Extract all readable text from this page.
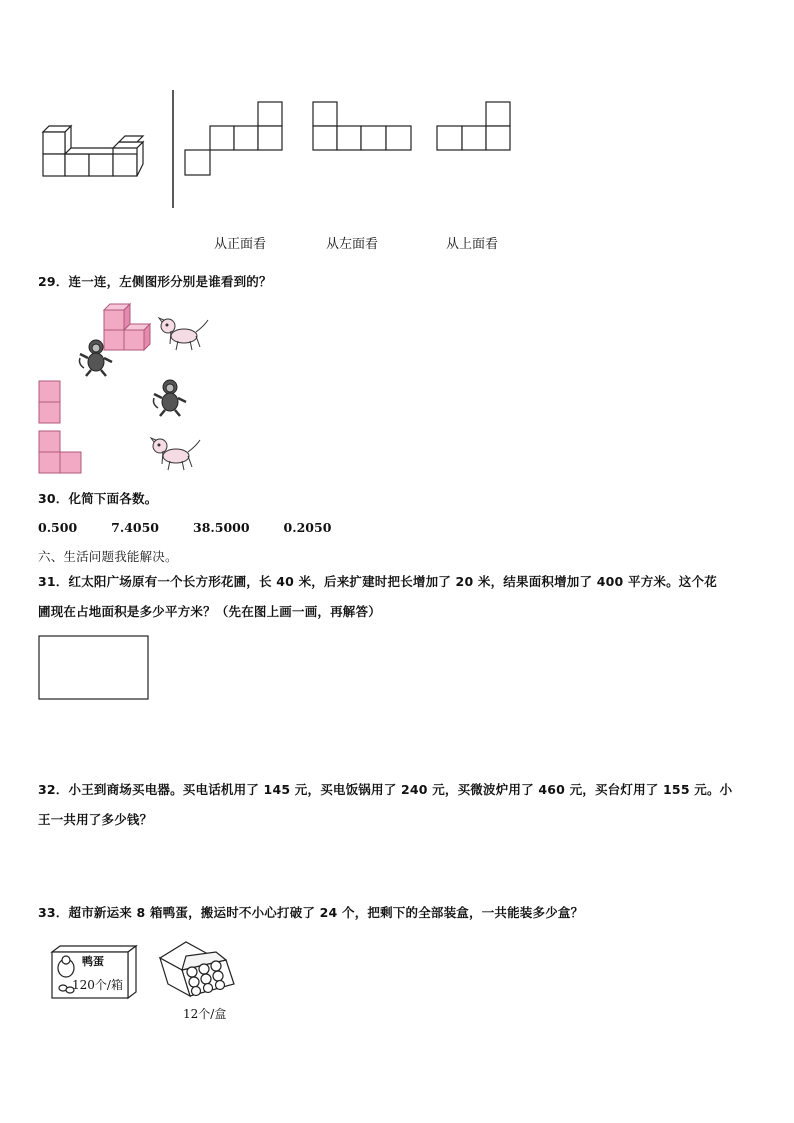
从正面看	从左面看	从上面看
29．连一连，左侧图形分别是谁看到的？
30．化简下面各数。
0.500	7.4050	38.5000	0.2050
六、生活问题我能解决。
31．红太阳广场原有一个长方形花圃，长 40 米，后来扩建时把长增加了 20 米，结果面积增加了 400 平方米。这个花
圃现在占地面积是多少平方米？（先在图上画一画，再解答）
32．小王到商场买电器。买电话机用了 145 元，买电饭锅用了 240 元，买微波炉用了 460 元，买台灯用了 155 元。小
王一共用了多少钱？
33．超市新运来 8 箱鸭蛋，搬运时不小心打破了 24 个，把剩下的全部装盒，一共能装多少盒？
鸭蛋
120个/箱
12个/盒
